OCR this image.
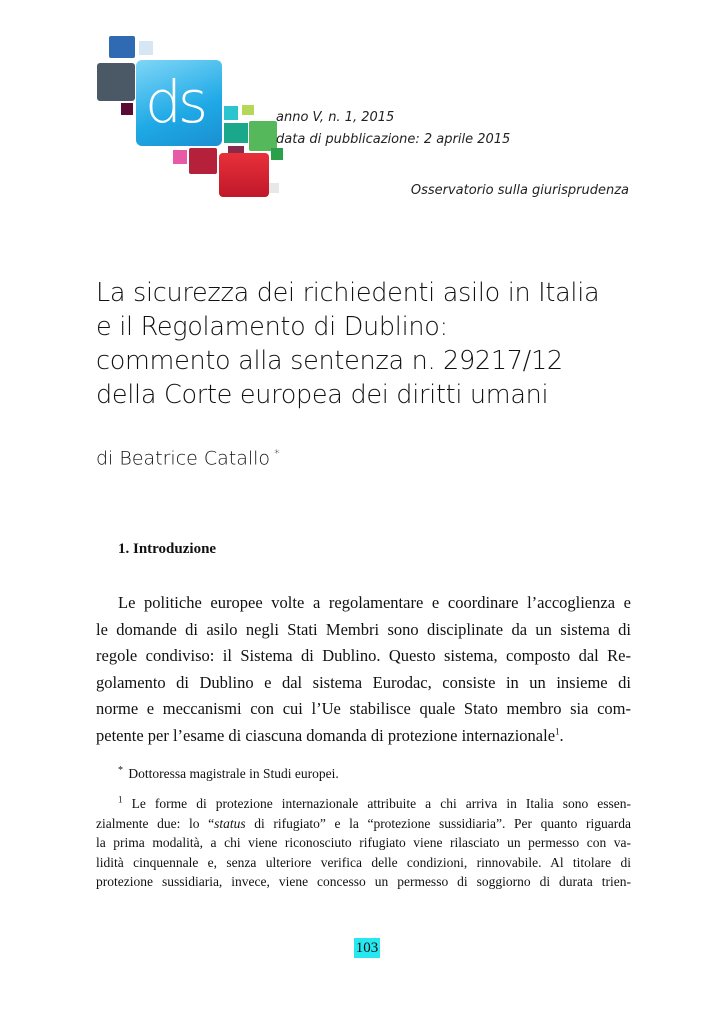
ds	anno V, n. 1, 2015
data di pubblicazione: 2 aprile 2015
Osservatorio sulla giurisprudenza
La sicurezza dei richiedenti asilo in Italia
e il Regolamento di Dublino:
commento alla sentenza n. 29217/12
della Corte europea dei diritti umani
di Beatrice Catallo *
1. Introduzione
Le politiche europee volte a regolamentare e coordinare l’accoglienza e
le domande di asilo negli Stati Membri sono disciplinate da un sistema di
regole condiviso: il Sistema di Dublino. Questo sistema, composto dal Re-
golamento di Dublino e dal sistema Eurodac, consiste in un insieme di
norme e meccanismi con cui l’Ue stabilisce quale Stato membro sia com-
petente per l’esame di ciascuna domanda di protezione internazionale$^1$.
* Dottoressa magistrale in Studi europei.
$^1$ Le forme di protezione internazionale attribuite a chi arriva in Italia sono essen-
zialmente due: lo “status di rifugiato” e la “protezione sussidiaria”. Per quanto riguarda
la prima modalità, a chi viene riconosciuto rifugiato viene rilasciato un permesso con va-
lidità cinquennale e, senza ulteriore verifica delle condizioni, rinnovabile. Al titolare di
protezione sussidiaria, invece, viene concesso un permesso di soggiorno di durata trien-
103
